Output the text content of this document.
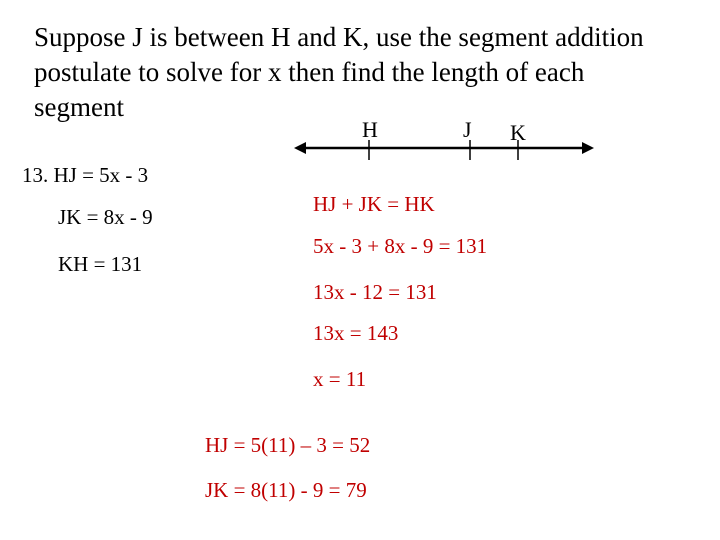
Suppose J is between H and K, use the segment addition
postulate to solve for x then find the length of each
segment
H	J K
13. HJ = 5x - 3
JK = 8x - 9
KH = 131
HJ + JK = HK
5x - 3 + 8x - 9 = 131
13x - 12 = 131
13x = 143
x = 11
HJ = 5(11) – 3 = 52
JK = 8(11) - 9 = 79
